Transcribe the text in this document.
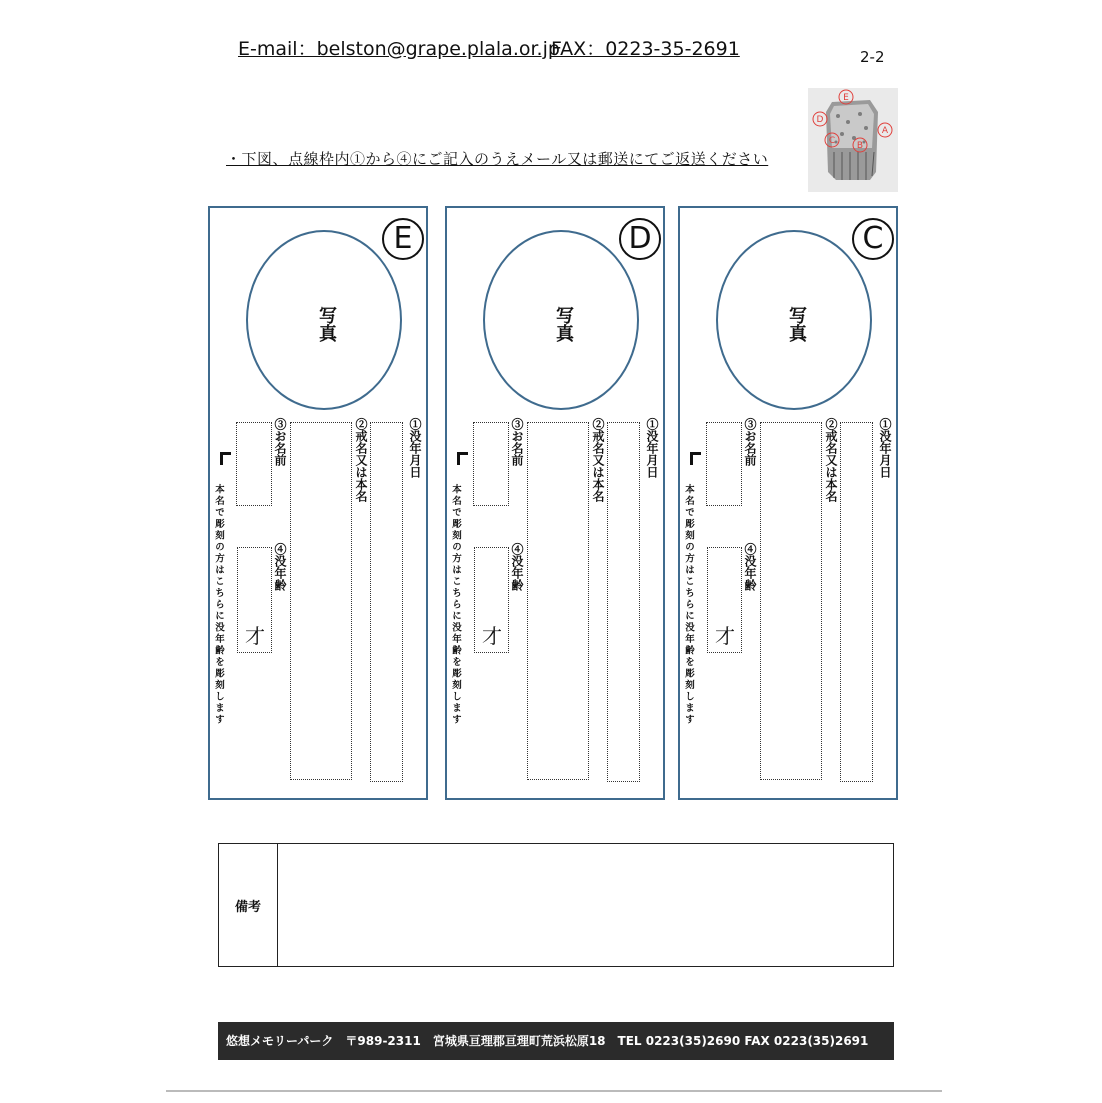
E-mail：belston@grape.plala.or.jp
FAX：0223-35-2691	2-2
E
D
C B
A
・下図、点線枠内①から④にご記入のうえメール又は郵送にてご返送ください
E
写真
①没年月日
②戒名又は本名
③お名前
④没年齢
才
本名で彫刻の方はこちらに没年齢を彫刻します
D
写真
①没年月日
②戒名又は本名
③お名前
④没年齢
才
本名で彫刻の方はこちらに没年齢を彫刻します
C
写真
①没年月日
②戒名又は本名
③お名前
④没年齢
才
本名で彫刻の方はこちらに没年齢を彫刻します
備考
悠想メモリーパーク　〒989-2311　宮城県亘理郡亘理町荒浜松原18　TEL 0223(35)2690 FAX 0223(35)2691
